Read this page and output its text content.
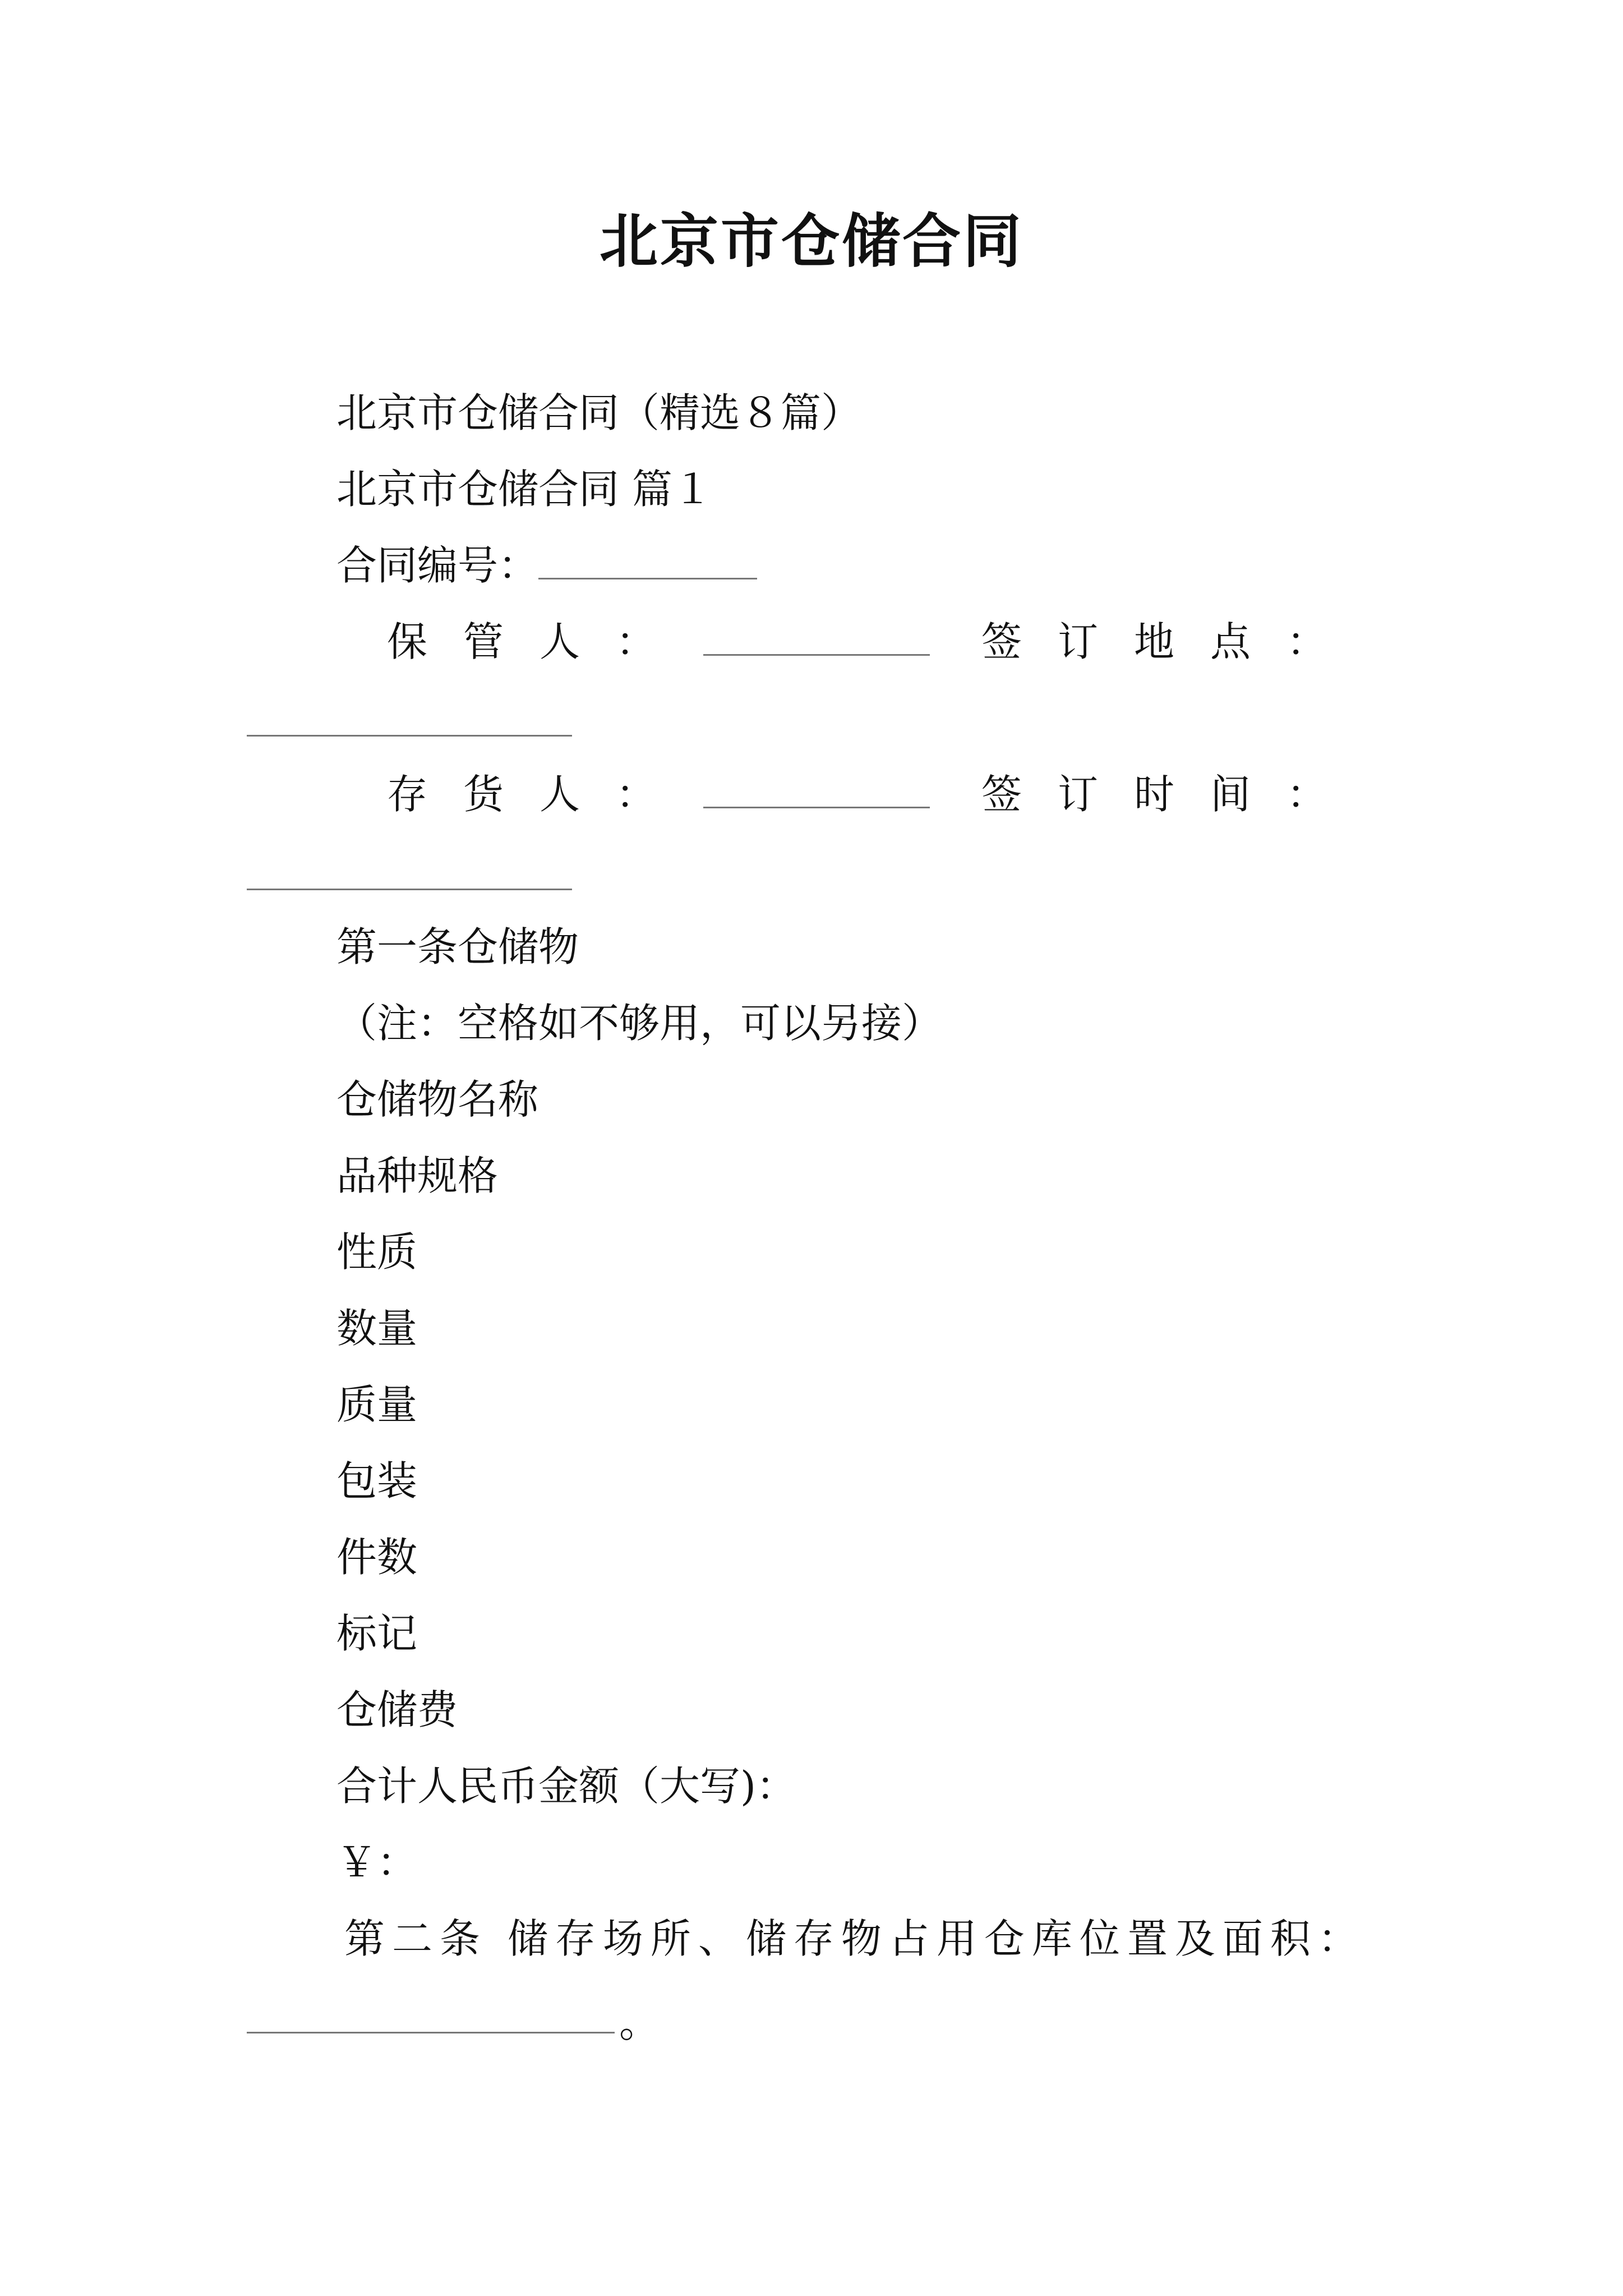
北京市仓储合同
北京市仓储合同（精选８篇）
北京市仓储合同 篇１
合同编号：
保管人：	签订地点：
存货人：	签订时间：
第一条仓储物
（注：空格如不够用，可以另接）
仓储物名称
品种规格
性质
数量
质量
包装
件数
标记
仓储费
合计人民币金额（大写)：
￥：
第二条 储存场所、储存物占用仓库位置及面积：
。
